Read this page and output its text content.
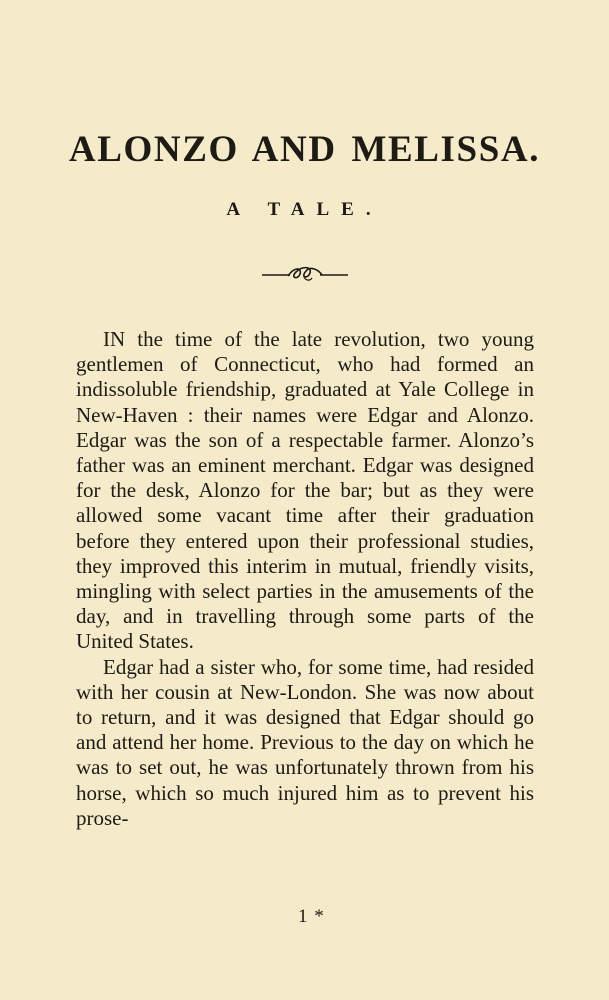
ALONZO AND MELISSA.
A TALE.

IN the time of the late revolution, two young gentlemen of Connecticut, who had formed an indissoluble friendship, graduated at Yale College in New-Haven : their names were Edgar and Alonzo. Edgar was the son of a respectable farmer. Alonzo’s father was an eminent merchant. Edgar was designed for the desk, Alonzo for the bar; but as they were allowed some vacant time after their graduation before they entered upon their professional studies, they improved this interim in mutual, friendly visits, mingling with select parties in the amusements of the day, and in travelling through some parts of the United States.

Edgar had a sister who, for some time, had resided with her cousin at New-London. She was now about to return, and it was designed that Edgar should go and attend her home. Previous to the day on which he was to set out, he was unfortunately thrown from his horse, which so much injured him as to prevent his prose-

1 *
